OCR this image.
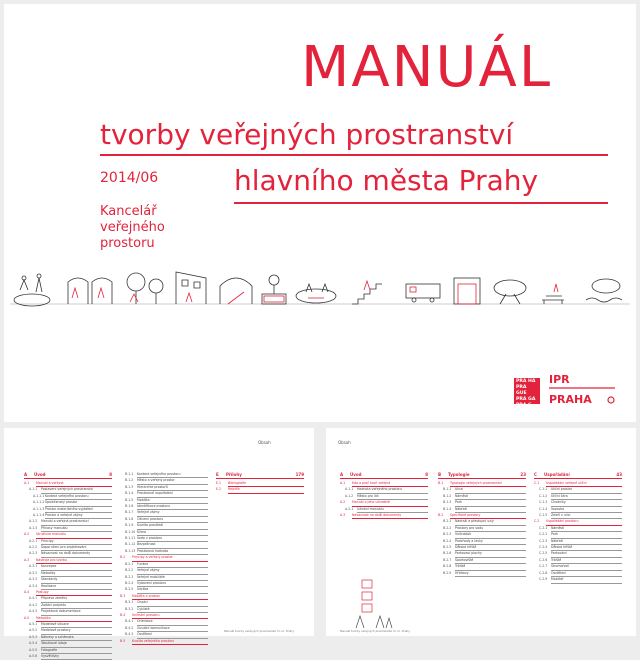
MANUÁL
tvorby veřejných prostranství
2014/06	hlavního města Prahy
Kancelář
veřejného
prostoru
PRA HA
PRA GUE
PRA GA
PRA G...
IPR
PRAHA
Obsah
A	Úvod	8
A.1	Manuál a veřejná
A.1.1	Postavení veřejných prostranství
A.1.1.1 Kontext veřejného prostoru
A.1.1.2 Společenský prostor
A.1.1.3 Prostor materiálního vyjádření
A.1.1.4 Prostor a veřejné zájmy
A.1.2	Manuál a veřejná prostranství
A.1.3	Přínosy manuálu
A.2	Struktura manuálu
A.2.1	Principy
A.2.2	Doporučení pro projektování
A.2.3	Návaznost na další dokumenty
A.3	Nástroje pro tvorbu
A.3.1	Koncepce
A.3.2	Metodiky
A.3.3	Standardy
A.3.4	Realizace
A.4	Postupy
A.4.1	Příprava záměru
A.4.2	Zadání projektu
A.4.3	Projektová dokumentace
A.5	Metodika
A.5.1	Modelové situace
A.5.2	Modelové prostory
A.5.3	Nákresy a schémata
A.5.4	Tabulkové údaje
A.5.5	Fotografie
A.5.6	Vysvětlivky
B.1.1	Kontext veřejného prostoru
B.1.2	Město a veřejný prostor
B.1.3	Hierarchie prostorů
B.1.4	Prostorové uspořádání
B.1.5	Mobilita
B.1.6	Identifikace prostoru
B.1.7	Veřejné zájmy
B.1.8	Oživení prostoru
B.1.9	Kvalita prostředí
B.1.10 Klima
B.1.11 Voda v prostoru
B.1.12 Bezpečnost
B.1.13 Prostorová hodnota
B.2	Principy a veřejný prostor
B.2.1	Funkce
B.2.2	Veřejné zájmy
B.2.3	Veřejné mobiliáře
B.2.4	Vybavení prostoru
B.2.5	Údržba
B.3	Mobilita a prostor
B.3.1	Chodci
B.3.2	Cyklisté
B.4	Vnímání prostoru
B.4.1	Orientace
B.4.2	Vizuální komunikace
B.4.3	Osvětlení
B.5	Kvalita veřejného prostoru
E	Přílohy	179
E.1	Bibliografie
E.2	Rejstřík
Manuál tvorby veřejných prostranství hl. m. Prahy
Obsah
A	Úvod	8
A.1	Kdo a proč tvoří veřejná
A.1.1	Hodnota veřejného prostoru
A.1.2	Město pro lidi
A.2	Manuál a jeho uživatelé
A.2.1	Užívání manuálu
A.3	Návaznost na další dokumenty
B	Typologie	23
B.1	Typologie veřejných prostranství
B.1.1	Ulice
B.1.2	Náměstí
B.1.3	Park
B.1.4	Nábřeží
B.2	Specifické prostory
B.2.1	Nádraží a přestupní uzly
B.2.2	Prostory pro vodu
B.2.3	Vnitroblok
B.2.4	Podchody a lávky
B.2.5	Dětská hřiště
B.2.6	Parkovací plochy
B.2.7	Sportoviště
B.2.8	Tržiště
B.2.9	Hřbitovy
C	Uspořádání	43
C.1	Uspořádání veřejné uliční
C.1.1	Uliční prostor
C.1.2	Uliční čára
C.1.3	Chodníky
C.1.4	Vozovka
C.1.5	Zeleň v ulici
C.2	Uspořádání prostoru
C.2.1	Náměstí
C.2.2	Park
C.2.3	Nábřeží
C.2.4	Dětská hřiště
C.2.5	Parkování
C.2.6	Tržiště
C.2.7	Stromořadí
C.2.8	Osvětlení
C.2.9	Mobiliář
Manuál tvorby veřejných prostranství hl. m. Prahy
